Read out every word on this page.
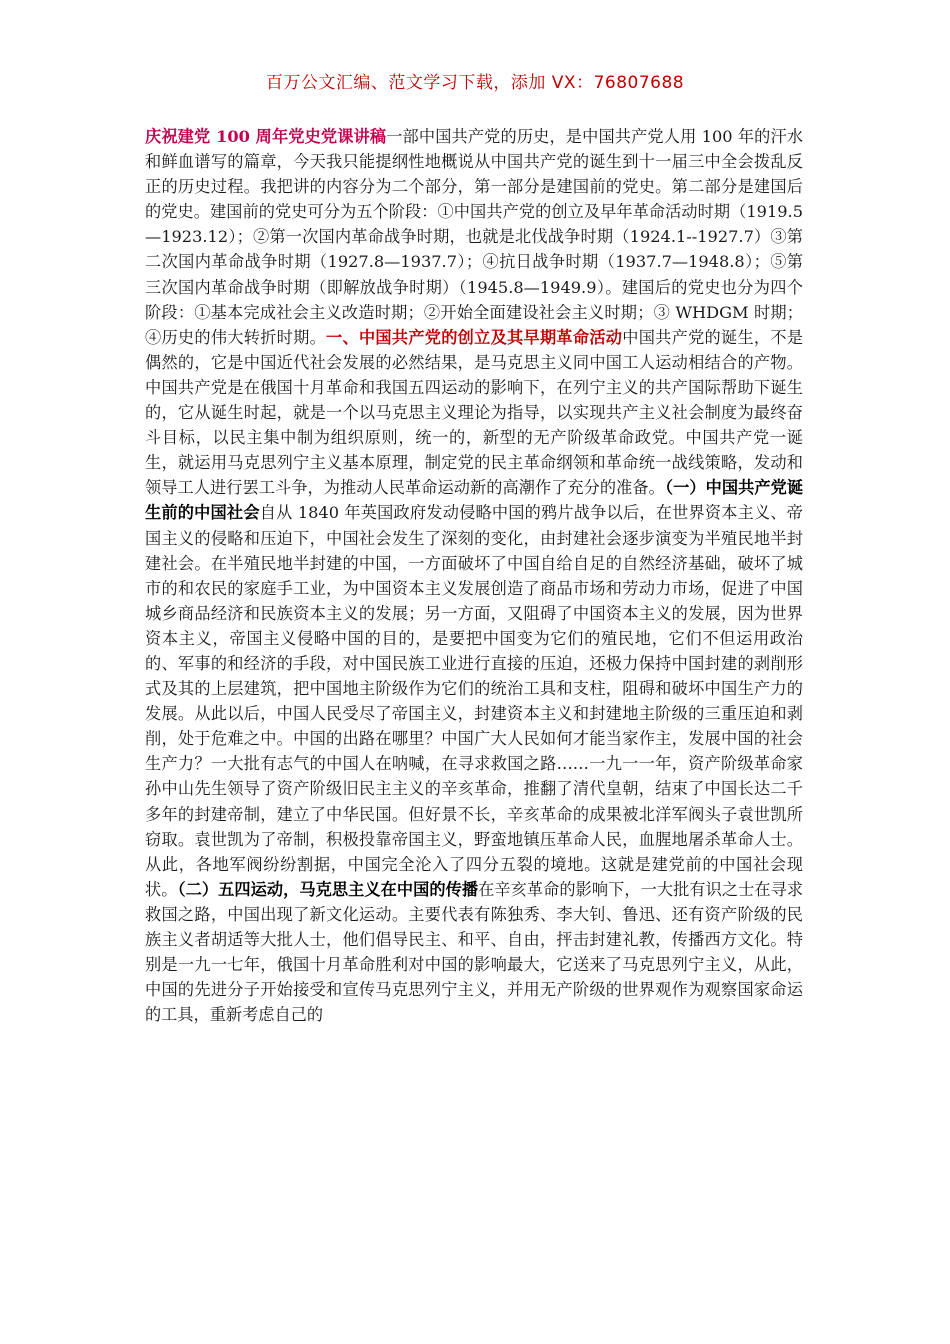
百万公文汇编、范文学习下载，添加 VX：76807688

庆祝建党 100 周年党史党课讲稿一部中国共产党的历史，是中国共产党人用 100 年的汗水和鲜血谱写的篇章，今天我只能提纲性地概说从中国共产党的诞生到十一届三中全会拨乱反正的历史过程。我把讲的内容分为二个部分，第一部分是建国前的党史。第二部分是建国后的党史。建国前的党史可分为五个阶段：①中国共产党的创立及早年革命活动时期（1919.5—1923.12）；②第一次国内革命战争时期，也就是北伐战争时期（1924.1--1927.7）③第二次国内革命战争时期（1927.8—1937.7）；④抗日战争时期（1937.7—1948.8）；⑤第三次国内革命战争时期（即解放战争时期）（1945.8—1949.9）。建国后的党史也分为四个阶段：①基本完成社会主义改造时期；②开始全面建设社会主义时期；③ WHDGM 时期；④历史的伟大转折时期。一、中国共产党的创立及其早期革命活动中国共产党的诞生，不是偶然的，它是中国近代社会发展的必然结果，是马克思主义同中国工人运动相结合的产物。中国共产党是在俄国十月革命和我国五四运动的影响下，在列宁主义的共产国际帮助下诞生的，它从诞生时起，就是一个以马克思主义理论为指导，以实现共产主义社会制度为最终奋斗目标，以民主集中制为组织原则，统一的，新型的无产阶级革命政党。中国共产党一诞生，就运用马克思列宁主义基本原理，制定党的民主革命纲领和革命统一战线策略，发动和领导工人进行罢工斗争，为推动人民革命运动新的高潮作了充分的准备。（一）中国共产党诞生前的中国社会自从 1840 年英国政府发动侵略中国的鸦片战争以后，在世界资本主义、帝国主义的侵略和压迫下，中国社会发生了深刻的变化，由封建社会逐步演变为半殖民地半封建社会。在半殖民地半封建的中国，一方面破坏了中国自给自足的自然经济基础，破坏了城市的和农民的家庭手工业，为中国资本主义发展创造了商品市场和劳动力市场，促进了中国城乡商品经济和民族资本主义的发展；另一方面，又阻碍了中国资本主义的发展，因为世界资本主义，帝国主义侵略中国的目的，是要把中国变为它们的殖民地，它们不但运用政治的、军事的和经济的手段，对中国民族工业进行直接的压迫，还极力保持中国封建的剥削形式及其的上层建筑，把中国地主阶级作为它们的统治工具和支柱，阻碍和破坏中国生产力的发展。从此以后，中国人民受尽了帝国主义，封建资本主义和封建地主阶级的三重压迫和剥削，处于危难之中。中国的出路在哪里？中国广大人民如何才能当家作主，发展中国的社会生产力？一大批有志气的中国人在呐喊，在寻求救国之路……一九一一年，资产阶级革命家孙中山先生领导了资产阶级旧民主主义的辛亥革命，推翻了清代皇朝，结束了中国长达二千多年的封建帝制，建立了中华民国。但好景不长，辛亥革命的成果被北洋军阀头子袁世凯所窃取。袁世凯为了帝制，积极投靠帝国主义，野蛮地镇压革命人民，血腥地屠杀革命人士。从此，各地军阀纷纷割据，中国完全沦入了四分五裂的境地。这就是建党前的中国社会现状。（二）五四运动，马克思主义在中国的传播在辛亥革命的影响下，一大批有识之士在寻求救国之路，中国出现了新文化运动。主要代表有陈独秀、李大钊、鲁迅、还有资产阶级的民族主义者胡适等大批人士，他们倡导民主、和平、自由，抨击封建礼教，传播西方文化。特别是一九一七年，俄国十月革命胜利对中国的影响最大，它送来了马克思列宁主义，从此，中国的先进分子开始接受和宣传马克思列宁主义，并用无产阶级的世界观作为观察国家命运的工具，重新考虑自己的
